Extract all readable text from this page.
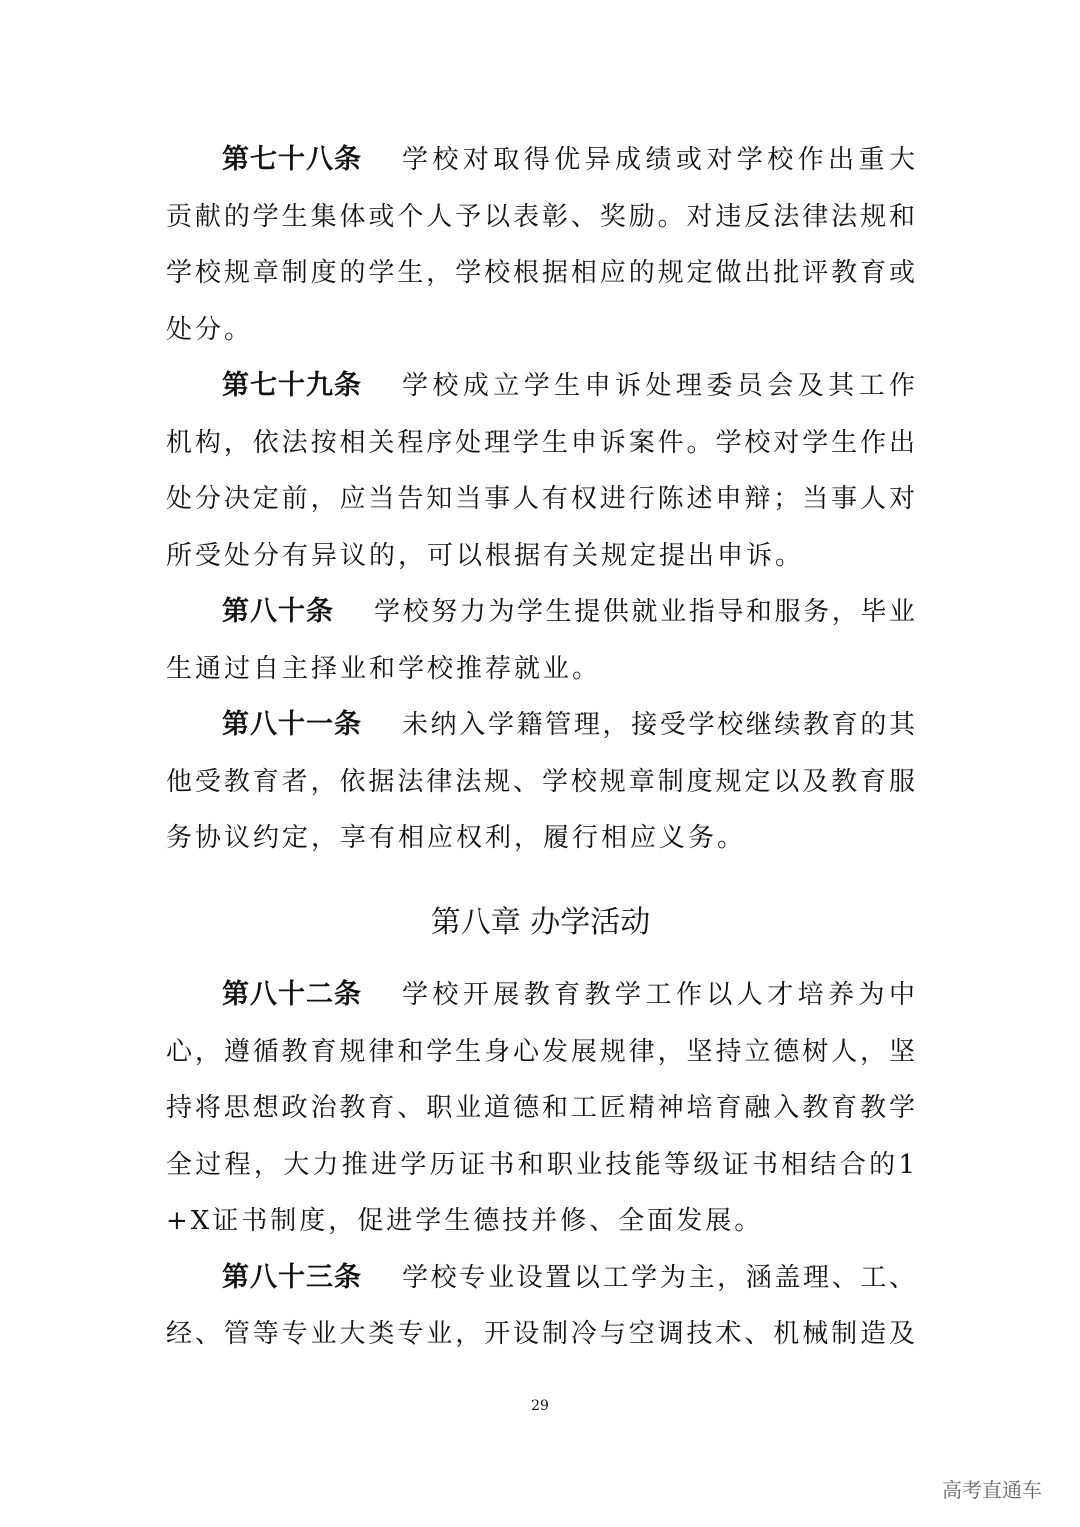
第七十八条 学校对取得优异成绩或对学校作出重大
贡献的学生集体或个人予以表彰、奖励。对违反法律法规和
学校规章制度的学生，学校根据相应的规定做出批评教育或
处分。
第七十九条 学校成立学生申诉处理委员会及其工作
机构，依法按相关程序处理学生申诉案件。学校对学生作出
处分决定前，应当告知当事人有权进行陈述申辩；当事人对
所受处分有异议的，可以根据有关规定提出申诉。
第八十条 学校努力为学生提供就业指导和服务，毕业
生通过自主择业和学校推荐就业。
第八十一条 未纳入学籍管理，接受学校继续教育的其
他受教育者，依据法律法规、学校规章制度规定以及教育服
务协议约定，享有相应权利，履行相应义务。
第八章 办学活动
第八十二条 学校开展教育教学工作以人才培养为中
心，遵循教育规律和学生身心发展规律，坚持立德树人，坚
持将思想政治教育、职业道德和工匠精神培育融入教育教学
全过程，大力推进学历证书和职业技能等级证书相结合的1
+X证书制度，促进学生德技并修、全面发展。
第八十三条 学校专业设置以工学为主，涵盖理、工、
经、管等专业大类专业，开设制冷与空调技术、机械制造及
29
高考直通车
